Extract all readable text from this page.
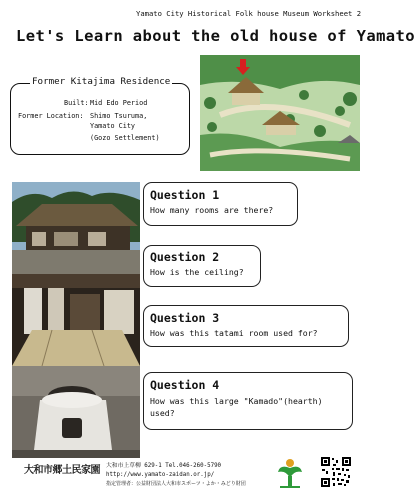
Yamato City Historical Folk house Museum Worksheet 2
Let's Learn about the old house of Yamato
Former Kitajima Residence
Built: Mid Edo Period
Former Location: Shimo Tsuruma,
Yamato City
(Gozo Settlement)
Question 1
How many rooms are there?
Question 2
How is the ceiling?
Question 3
How was this tatami room used for?
Question 4
How was this large "Kamado"(hearth)
used?
大和市郷土民家園 大和市上草柳 629-1 Tel.046-260-5790
http://www.yamato-zaidan.or.jp/
指定管理者：公益財団法人大和市スポーツ・よか・みどり財団
